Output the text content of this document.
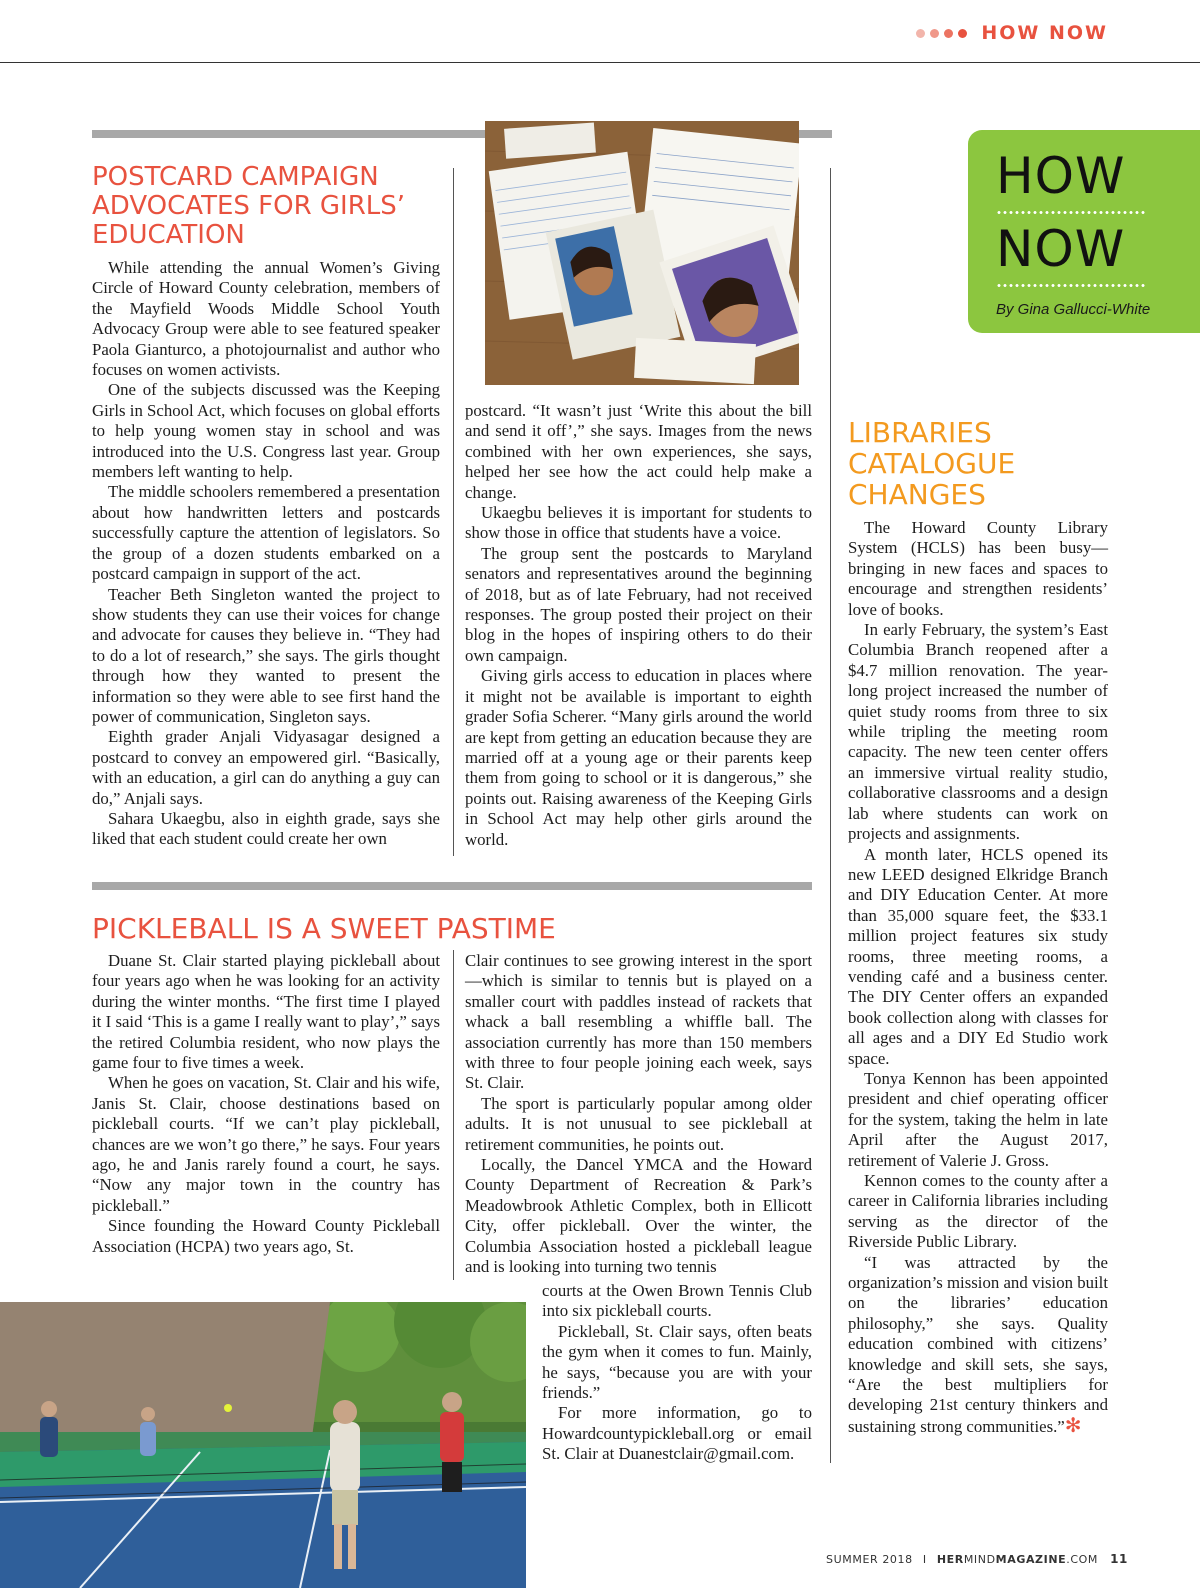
HOW NOW
HOW
NOW
By Gina Gallucci-White
POSTCARD CAMPAIGN
ADVOCATES FOR GIRLS’
EDUCATION

While attending the annual Women’s Giving Circle of Howard County celebration, members of the Mayfield Woods Middle School Youth Advocacy Group were able to see featured speaker Paola Gianturco, a photojournalist and author who focuses on women activists.

One of the subjects discussed was the Keeping Girls in School Act, which focuses on global efforts to help young women stay in school and was introduced into the U.S. Congress last year. Group members left wanting to help.

The middle schoolers remembered a presentation about how handwritten letters and postcards successfully capture the attention of legislators. So the group of a dozen students embarked on a postcard campaign in support of the act.

Teacher Beth Singleton wanted the project to show students they can use their voices for change and advocate for causes they believe in. “They had to do a lot of research,” she says. The girls thought through how they wanted to present the information so they were able to see first hand the power of communication, Singleton says.

Eighth grader Anjali Vidyasagar designed a postcard to convey an empowered girl. “Basically, with an education, a girl can do anything a guy can do,” Anjali says.

Sahara Ukaegbu, also in eighth grade, says she liked that each student could create her own

postcard. “It wasn’t just ‘Write this about the bill and send it off’,” she says. Images from the news combined with her own experiences, she says, helped her see how the act could help make a change.

Ukaegbu believes it is important for students to show those in office that students have a voice.

The group sent the postcards to Maryland senators and representatives around the beginning of 2018, but as of late February, had not received responses. The group posted their project on their blog in the hopes of inspiring others to do their own campaign.

Giving girls access to education in places where it might not be available is important to eighth grader Sofia Scherer. “Many girls around the world are kept from getting an education because they are married off at a young age or their parents keep them from going to school or it is dangerous,” she points out. Raising awareness of the Keeping Girls in School Act may help other girls around the world.

PICKLEBALL IS A SWEET PASTIME

Duane St. Clair started playing pickleball about four years ago when he was looking for an activity during the winter months. “The first time I played it I said ‘This is a game I really want to play’,” says the retired Columbia resident, who now plays the game four to five times a week.

When he goes on vacation, St. Clair and his wife, Janis St. Clair, choose destinations based on pickleball courts. “If we can’t play pickleball, chances are we won’t go there,” he says. Four years ago, he and Janis rarely found a court, he says. “Now any major town in the country has pickleball.”

Since founding the Howard County Pickleball Association (HCPA) two years ago, St.

Clair continues to see growing interest in the sport—which is similar to tennis but is played on a smaller court with paddles instead of rackets that whack a ball resembling a whiffle ball. The association currently has more than 150 members with three to four people joining each week, says St. Clair.

The sport is particularly popular among older adults. It is not unusual to see pickleball at retirement communities, he points out.

Locally, the Dancel YMCA and the Howard County Department of Recreation & Park’s Meadowbrook Athletic Complex, both in Ellicott City, offer pickleball. Over the winter, the Columbia Association hosted a pickleball league and is looking into turning two tennis

courts at the Owen Brown Tennis Club into six pickleball courts.

Pickleball, St. Clair says, often beats the gym when it comes to fun. Mainly, he says, “because you are with your friends.”

For more information, go to Howardcountypickleball.org or email St. Clair at Duanestclair@gmail.com.

LIBRARIES
CATALOGUE
CHANGES

The Howard County Library System (HCLS) has been busy—bringing in new faces and spaces to encourage and strengthen residents’ love of books.

In early February, the system’s East Columbia Branch reopened after a $4.7 million renovation. The year-long project increased the number of quiet study rooms from three to six while tripling the meeting room capacity. The new teen center offers an immersive virtual reality studio, collaborative classrooms and a design lab where students can work on projects and assignments.

A month later, HCLS opened its new LEED designed Elkridge Branch and DIY Education Center. At more than 35,000 square feet, the $33.1 million project features six study rooms, three meeting rooms, a vending café and a business center. The DIY Center offers an expanded book collection along with classes for all ages and a DIY Ed Studio work space.

Tonya Kennon has been appointed president and chief operating officer for the system, taking the helm in late April after the August 2017, retirement of Valerie J. Gross.

Kennon comes to the county after a career in California libraries including serving as the director of the Riverside Public Library.

“I was attracted by the organization’s mission and vision built on the libraries’ education philosophy,” she says. Quality education combined with citizens’ knowledge and skill sets, she says, “Are the best multipliers for developing 21st century thinkers and sustaining strong communities.”✻

SUMMER 2018 I HERMINDMAGAZINE.COM 11
